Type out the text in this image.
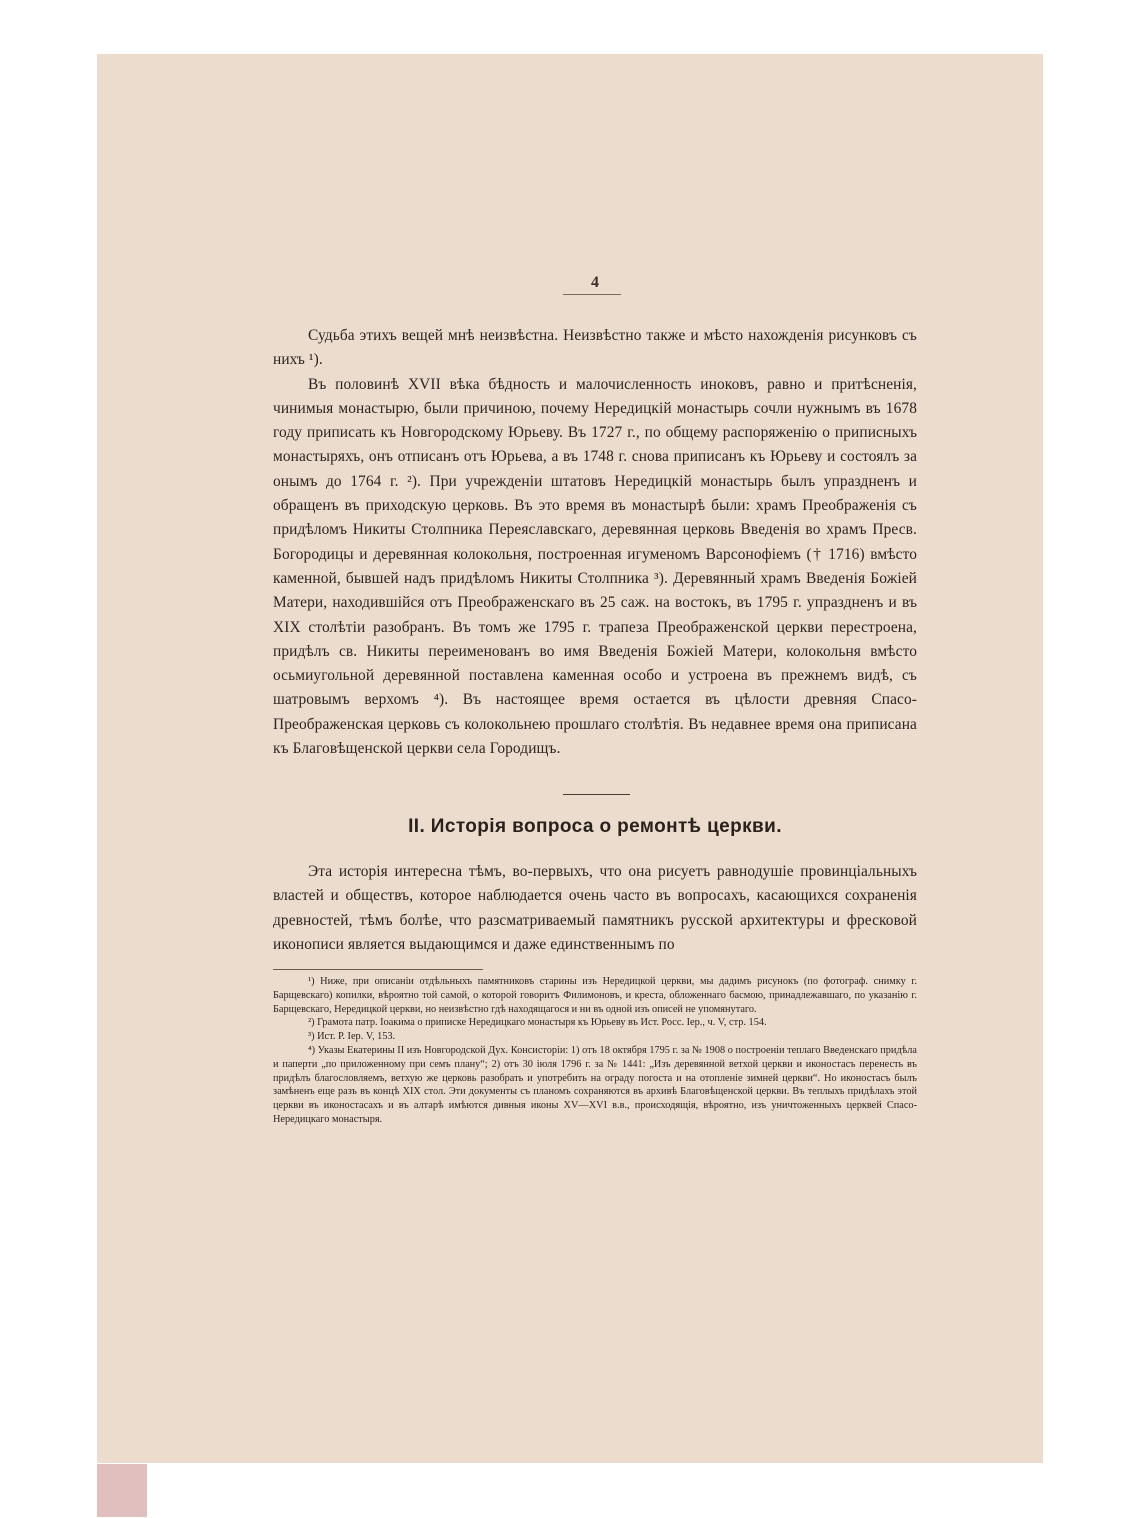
4

Судьба этихъ вещей мнѣ неизвѣстна. Неизвѣстно также и мѣсто нахожденія рисунковъ съ нихъ ¹).

Въ половинѣ XVII вѣка бѣдность и малочисленность иноковъ, равно и притѣсненія, чинимыя монастырю, были причиною, почему Нередицкій монастырь сочли нужнымъ въ 1678 году приписать къ Новгородскому Юрьеву. Въ 1727 г., по общему распоряженію о приписныхъ монастыряхъ, онъ отписанъ отъ Юрьева, а въ 1748 г. снова приписанъ къ Юрьеву и состоялъ за онымъ до 1764 г. ²). При учрежденіи штатовъ Нередицкій монастырь былъ упраздненъ и обращенъ въ приходскую церковь. Въ это время въ монастырѣ были: храмъ Преображенія съ придѣломъ Никиты Столпника Переяславскаго, деревянная церковь Введенія во храмъ Пресв. Богородицы и деревянная колокольня, построенная игуменомъ Варсонофіемъ († 1716) вмѣсто каменной, бывшей надъ придѣломъ Никиты Столпника ³). Деревянный храмъ Введенія Божіей Матери, находившійся отъ Преображенскаго въ 25 саж. на востокъ, въ 1795 г. упраздненъ и въ XIX столѣтіи разобранъ. Въ томъ же 1795 г. трапеза Преображенской церкви перестроена, придѣлъ св. Никиты переименованъ во имя Введенія Божіей Матери, колокольня вмѣсто осьмиугольной деревянной поставлена каменная особо и устроена въ прежнемъ видѣ, съ шатровымъ верхомъ ⁴). Въ настоящее время остается въ цѣлости древняя Спасо-Преображенская церковь съ колокольнею прошлаго столѣтія. Въ недавнее время она приписана къ Благовѣщенской церкви села Городищъ.

II. Исторія вопроса о ремонтѣ церкви.

Эта исторія интересна тѣмъ, во-первыхъ, что она рисуетъ равнодушіе провинціальныхъ властей и обществъ, которое наблюдается очень часто въ вопросахъ, касающихся сохраненія древностей, тѣмъ болѣе, что разсматриваемый памятникъ русской архитектуры и фресковой иконописи является выдающимся и даже единственнымъ по

¹) Ниже, при описаніи отдѣльныхъ памятниковъ старины изъ Нередицкой церкви, мы дадимъ рисунокъ (по фотограф. снимку г. Барщевскаго) копилки, вѣроятно той самой, о которой говоритъ Филимоновъ, и креста, обложеннаго басмою, принадлежавшаго, по указанію г. Барщевскаго, Нередицкой церкви, но неизвѣстно гдѣ находящагося и ни въ одной изъ описей не упомянутаго.

²) Грамота патр. Іоакима о приписке Нередицкаго монастыря къ Юрьеву въ Ист. Росс. Іер., ч. V, стр. 154.

³) Ист. Р. Іер. V, 153.

⁴) Указы Екатерины II изъ Новгородской Дух. Консисторіи: 1) отъ 18 октября 1795 г. за № 1908 о построеніи теплаго Введенскаго придѣла и паперти „по приложенному при семъ плану“; 2) отъ 30 іюля 1796 г. за № 1441: „Изъ деревянной ветхой церкви и иконостасъ перенесть въ придѣлъ благословляемъ, ветхую же церковь разобрать и употребить на ограду погоста и на отопленіе зимней церкви“. Но иконостасъ былъ замѣненъ еще разъ въ концѣ XIX стол. Эти документы съ планомъ сохраняются въ архивѣ Благовѣщенской церкви. Въ теплыхъ придѣлахъ этой церкви въ иконостасахъ и въ алтарѣ имѣются дивныя иконы XV—XVI в.в., происходящія, вѣроятно, изъ уничтоженныхъ церквей Спасо-Нередицкаго монастыря.
